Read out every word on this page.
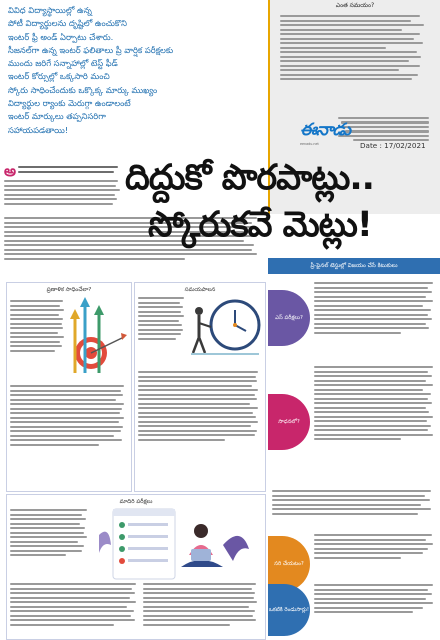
వివిధ విద్యాస్థాయిల్లో ఉన్న

పోటీ విద్యార్థులను దృష్టిలో ఉంచుకొని

ఇంటర్ ఫ్రీ అండ్ ఏర్పాటు చేశారు.

సీజనల్‌గా ఉన్న ఇంటర్ ఫలితాలు ప్రీ వార్షిక పరీక్షలకు

ముందు జరిగే సన్నాహాల్లో టెస్ట్ ఫీడ్

ఇంటర్ కోర్సుల్లో ఒక్కసారి మంచి

స్కోరు సాధించేందుకు ఒక్కొక్క మార్కు ముఖ్యం

విద్యార్థుల ర్యాంకు మెరుగ్గా ఉండాలంటే

ఇంటర్ మార్కులు తప్పనిసరిగా

సహాయపడతాయి!

ఎంత సమయం?
ఈనాడు
eenadu.net	Date : 17/02/2021
అ	దిద్దుకో పొరపాట్లు..
స్కోరుకవే మెట్లు!
ప్రణాళిక సాధించేలా?	సమయపాలన
మాదిరి పరీక్షలు
ప్రీ-ఫైనల్ టెస్టుల్లో విజయం చేసే కిటుకులు
ఎస్ పరీక్షలు?
సాధనలో?
సరి చేయటం?
ఒకటికి రెండుసార్లు!
